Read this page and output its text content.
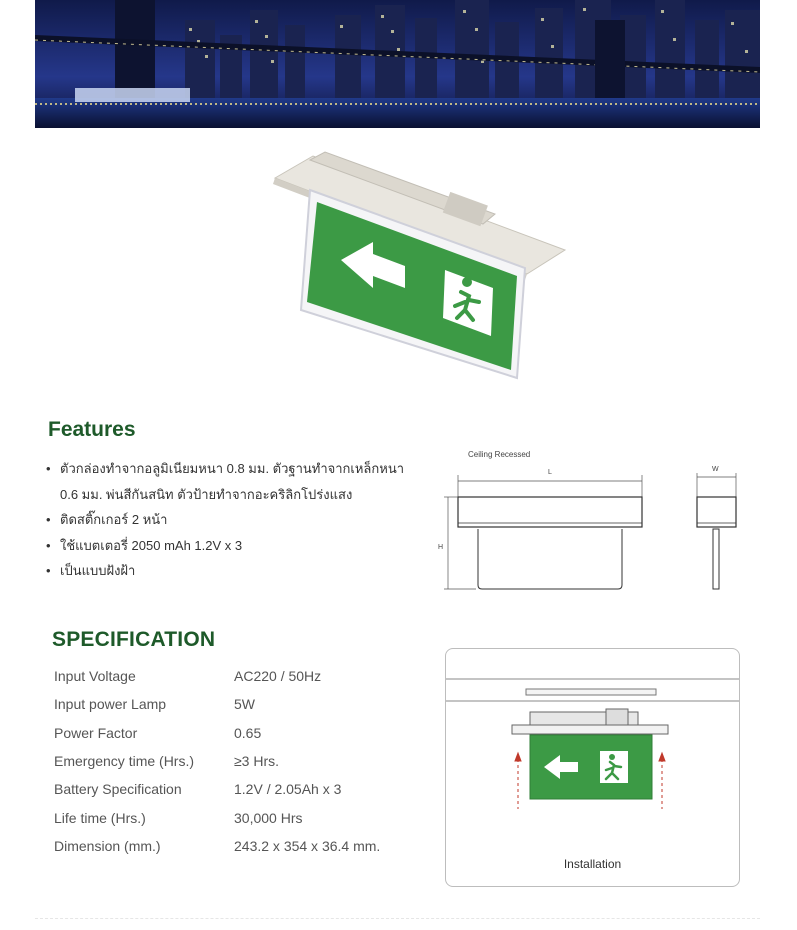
Features
• ตัวกล่องทำจากอลูมิเนียมหนา 0.8 มม. ตัวฐานทำจากเหล็กหนา
0.6 มม. พ่นสีกันสนิท ตัวป้ายทำจากอะคริลิกโปร่งแสง
• ติดสติ๊กเกอร์ 2 หน้า
• ใช้แบตเตอรี่ 2050 mAh 1.2V x 3
• เป็นแบบฝังฝ้า
Ceiling Recessed
L
H
W
SPECIFICATION
Input Voltage	AC220 / 50Hz
Input power Lamp	5W
Power Factor	0.65
Emergency time (Hrs.)	≥3 Hrs.
Battery Specification	1.2V / 2.05Ah x 3
Life time (Hrs.)	30,000 Hrs
Dimension (mm.)	243.2 x 354 x 36.4 mm.
Installation
